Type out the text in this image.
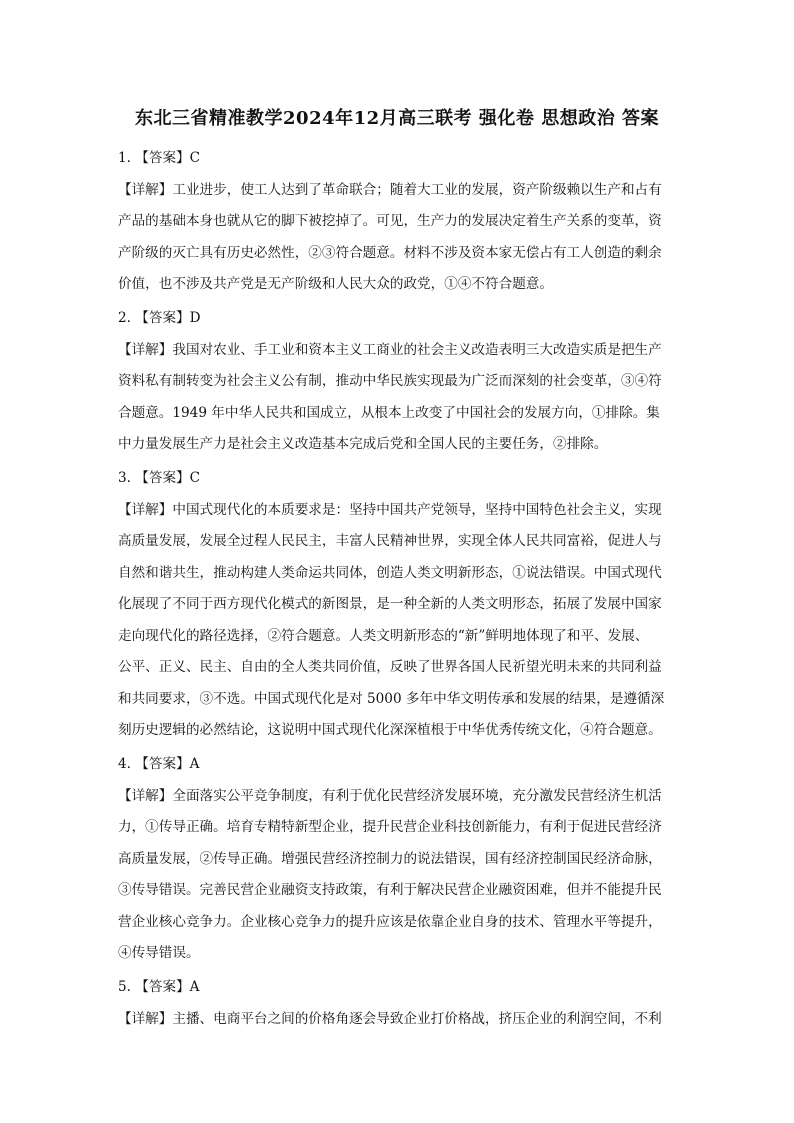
东北三省精准教学2024年12月高三联考 强化卷 思想政治 答案
1. 【答案】C
【详解】工业进步，使工人达到了革命联合；随着大工业的发展，资产阶级赖以生产和占有
产品的基础本身也就从它的脚下被挖掉了。可见，生产力的发展决定着生产关系的变革，资
产阶级的灭亡具有历史必然性，②③符合题意。材料不涉及资本家无偿占有工人创造的剩余
价值，也不涉及共产党是无产阶级和人民大众的政党，①④不符合题意。
2. 【答案】D
【详解】我国对农业、手工业和资本主义工商业的社会主义改造表明三大改造实质是把生产
资料私有制转变为社会主义公有制，推动中华民族实现最为广泛而深刻的社会变革，③④符
合题意。1949 年中华人民共和国成立，从根本上改变了中国社会的发展方向，①排除。集
中力量发展生产力是社会主义改造基本完成后党和全国人民的主要任务，②排除。
3. 【答案】C
【详解】中国式现代化的本质要求是：坚持中国共产党领导，坚持中国特色社会主义，实现
高质量发展，发展全过程人民民主，丰富人民精神世界，实现全体人民共同富裕，促进人与
自然和谐共生，推动构建人类命运共同体，创造人类文明新形态，①说法错误。中国式现代
化展现了不同于西方现代化模式的新图景，是一种全新的人类文明形态，拓展了发展中国家
走向现代化的路径选择，②符合题意。人类文明新形态的“新”鲜明地体现了和平、发展、
公平、正义、民主、自由的全人类共同价值，反映了世界各国人民祈望光明未来的共同利益
和共同要求，③不选。中国式现代化是对 5000 多年中华文明传承和发展的结果，是遵循深
刻历史逻辑的必然结论，这说明中国式现代化深深植根于中华优秀传统文化，④符合题意。
4. 【答案】A
【详解】全面落实公平竞争制度，有利于优化民营经济发展环境，充分激发民营经济生机活
力，①传导正确。培育专精特新型企业，提升民营企业科技创新能力，有利于促进民营经济
高质量发展，②传导正确。增强民营经济控制力的说法错误，国有经济控制国民经济命脉，
③传导错误。完善民营企业融资支持政策，有利于解决民营企业融资困难，但并不能提升民
营企业核心竞争力。企业核心竞争力的提升应该是依靠企业自身的技术、管理水平等提升，
④传导错误。
5. 【答案】A
【详解】主播、电商平台之间的价格角逐会导致企业打价格战，挤压企业的利润空间，不利
